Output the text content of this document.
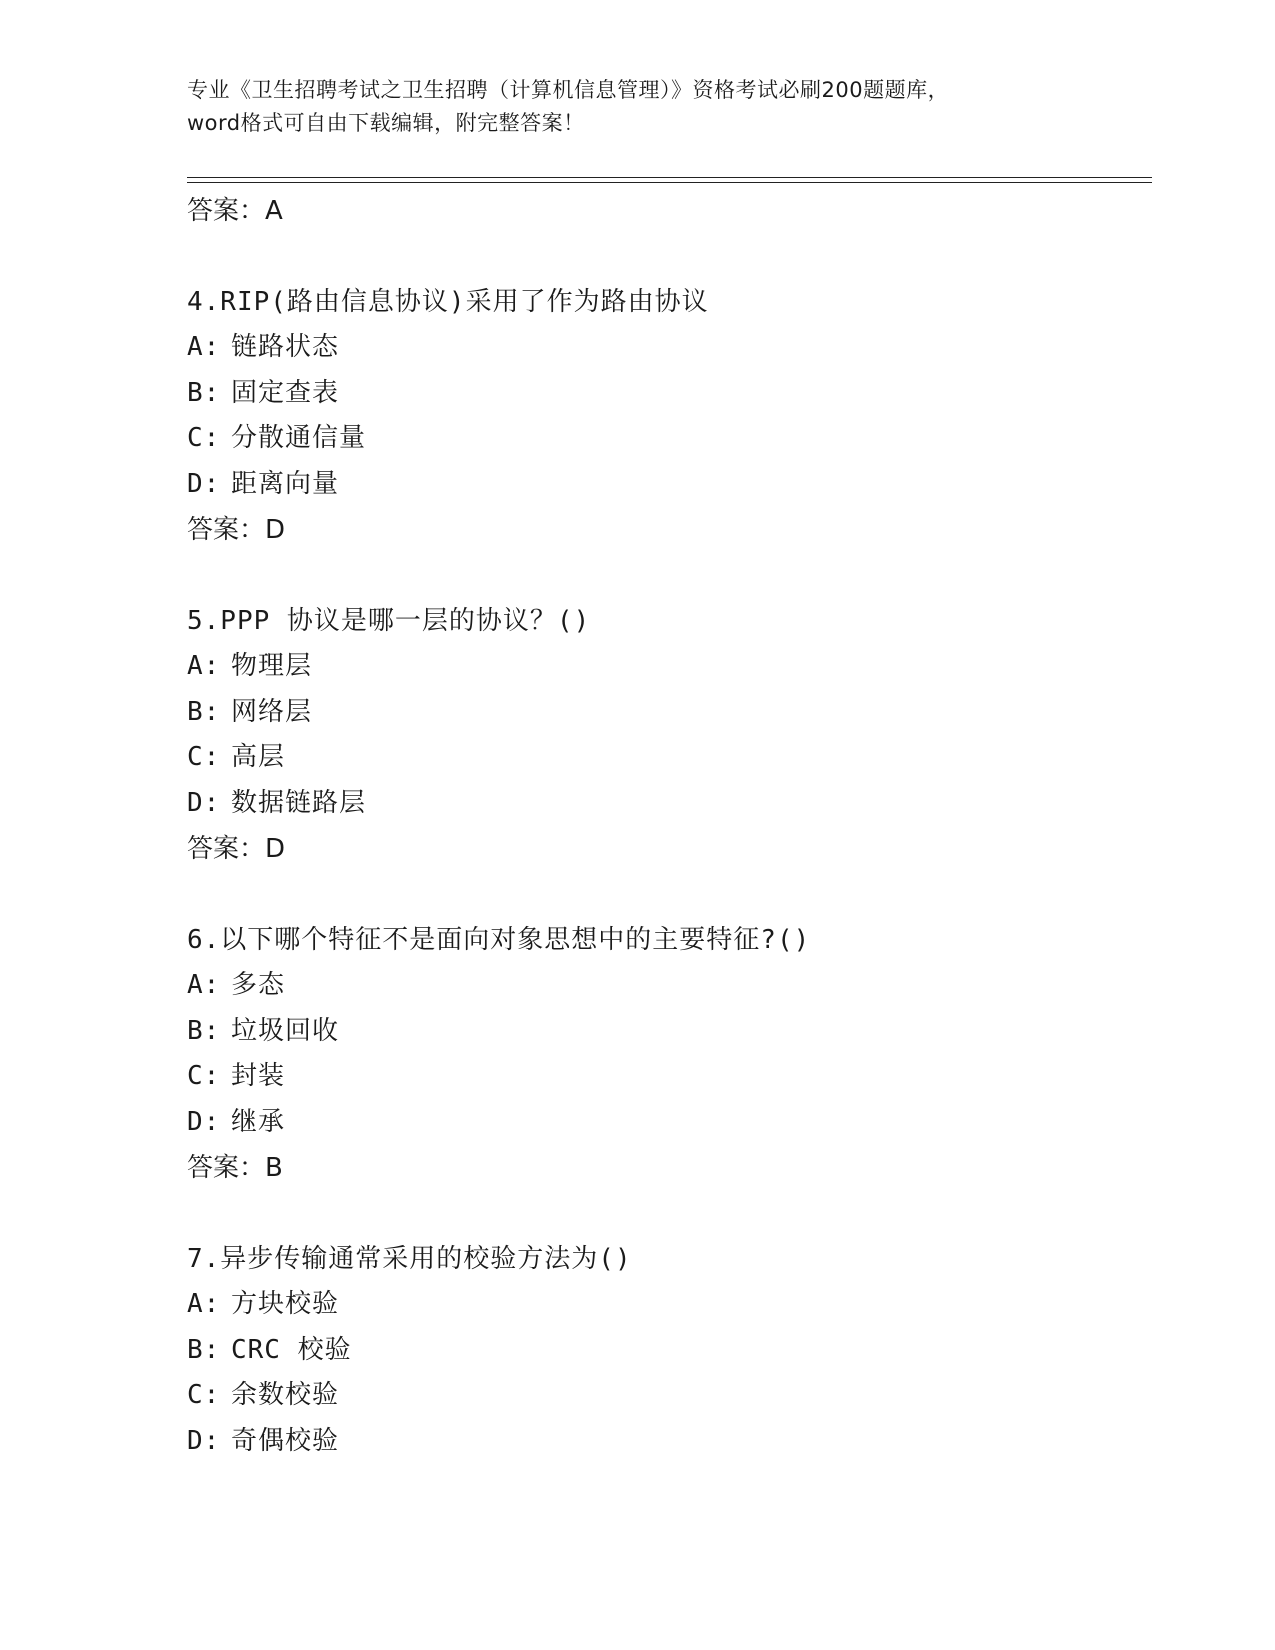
专业《卫生招聘考试之卫生招聘（计算机信息管理）》资格考试必刷200题题库，
word格式可自由下载编辑，附完整答案！
答案：A
4.RIP(路由信息协议)采用了作为路由协议
A: 链路状态
B: 固定查表
C: 分散通信量
D: 距离向量
答案：D
5.PPP 协议是哪一层的协议？()
A: 物理层
B: 网络层
C: 高层
D: 数据链路层
答案：D
6.以下哪个特征不是面向对象思想中的主要特征?()
A: 多态
B: 垃圾回收
C: 封装
D: 继承
答案：B
7.异步传输通常采用的校验方法为()
A: 方块校验
B: CRC 校验
C: 余数校验
D: 奇偶校验
